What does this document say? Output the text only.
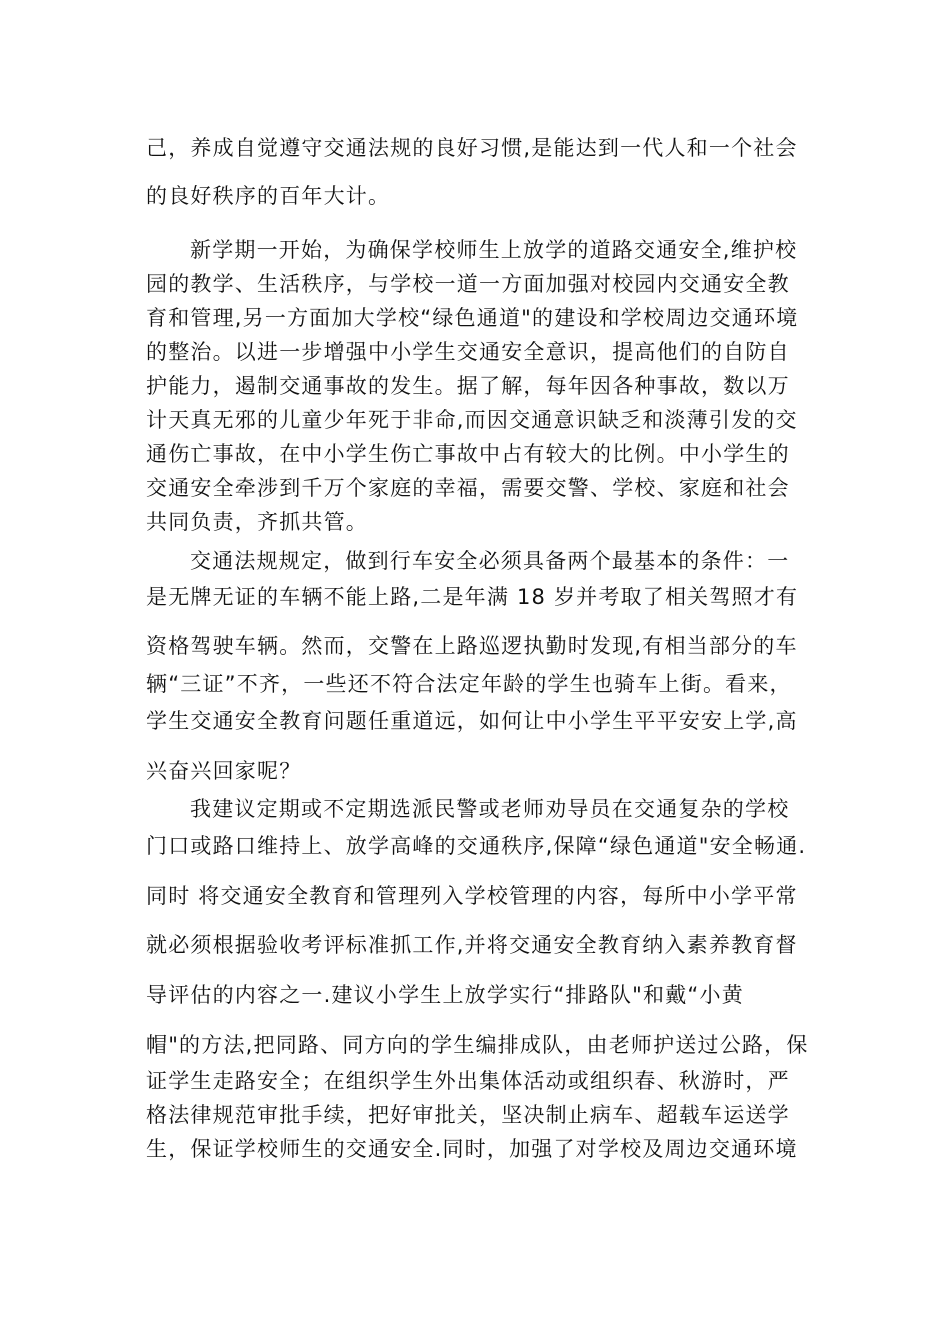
己，养成自觉遵守交通法规的良好习惯,是能达到一代人和一个社会
的良好秩序的百年大计。
新学期一开始，为确保学校师生上放学的道路交通安全,维护校
园的教学、生活秩序，与学校一道一方面加强对校园内交通安全教
育和管理,另一方面加大学校“绿色通道"的建设和学校周边交通环境
的整治。以进一步增强中小学生交通安全意识，提高他们的自防自
护能力，遏制交通事故的发生。据了解，每年因各种事故，数以万
计天真无邪的儿童少年死于非命,而因交通意识缺乏和淡薄引发的交
通伤亡事故，在中小学生伤亡事故中占有较大的比例。中小学生的
交通安全牵涉到千万个家庭的幸福，需要交警、学校、家庭和社会
共同负责，齐抓共管。
交通法规规定，做到行车安全必须具备两个最基本的条件：一
是无牌无证的车辆不能上路,二是年满 18 岁并考取了相关驾照才有
资格驾驶车辆。然而，交警在上路巡逻执勤时发现,有相当部分的车
辆“三证”不齐，一些还不符合法定年龄的学生也骑车上街。看来，
学生交通安全教育问题任重道远，如何让中小学生平平安安上学,高
兴奋兴回家呢？
我建议定期或不定期选派民警或老师劝导员在交通复杂的学校
门口或路口维持上、放学高峰的交通秩序,保障“绿色通道"安全畅通.
同时 将交通安全教育和管理列入学校管理的内容，每所中小学平常
就必须根据验收考评标准抓工作,并将交通安全教育纳入素养教育督
导评估的内容之一.建议小学生上放学实行“排路队"和戴“小黄
帽"的方法,把同路、同方向的学生编排成队，由老师护送过公路，保
证学生走路安全；在组织学生外出集体活动或组织春、秋游时，严
格法律规范审批手续，把好审批关，坚决制止病车、超载车运送学
生，保证学校师生的交通安全.同时，加强了对学校及周边交通环境
